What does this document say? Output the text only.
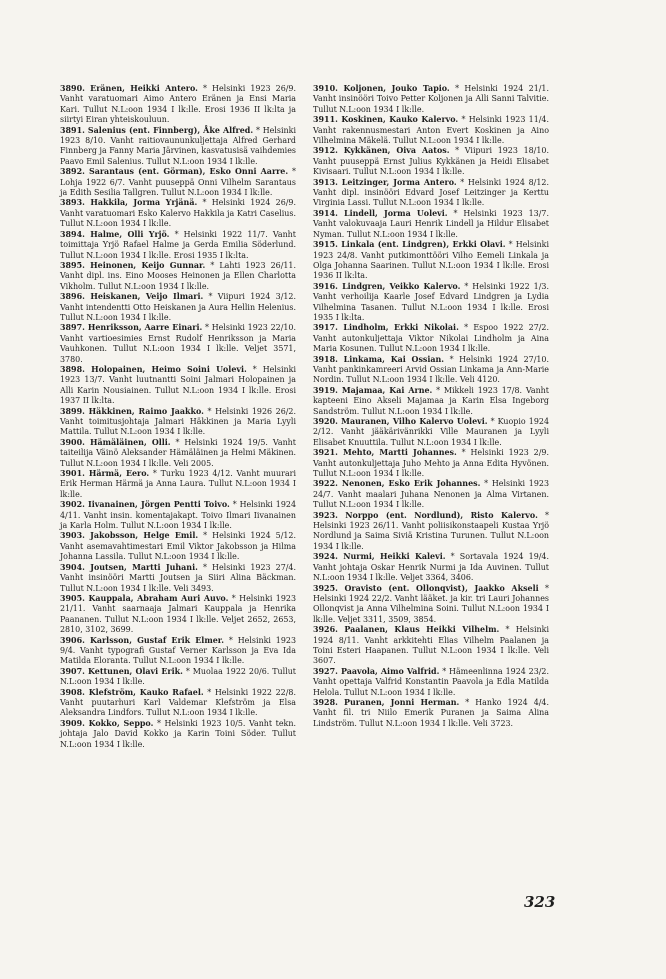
3890. Eränen, Heikki Antero. * Helsinki 1923 26/9. Vanht varatuomari Aimo Antero Eränen ja Ensi Maria Kari. Tullut N.L:oon 1934 I lk:lle. Erosi 1936 II lk:lta ja siirtyi Eiran yhteiskouluun.

3891. Salenius (ent. Finnberg), Åke Alfred. * Helsinki 1923 8/10. Vanht raitiovaununkuljettaja Alfred Gerhard Finnberg ja Fanny Maria Järvinen, kasvatusisä vaihdemies Paavo Emil Salenius. Tullut N.L:oon 1934 I lk:lle.

3892. Sarantaus (ent. Görman), Esko Onni Aarre. * Lohja 1922 6/7. Vanht puuseppä Onni Vilhelm Sarantaus ja Edith Sesilia Tallgren. Tullut N.L:oon 1934 I lk:lle.

3893. Hakkila, Jorma Yrjänä. * Helsinki 1924 26/9. Vanht varatuomari Esko Kalervo Hakkila ja Katri Caselius. Tullut N.L:oon 1934 I lk:lle.

3894. Halme, Olli Yrjö. * Helsinki 1922 11/7. Vanht toimittaja Yrjö Rafael Halme ja Gerda Emilia Söderlund. Tullut N.L:oon 1934 I lk:lle. Erosi 1935 I lk:lta.

3895. Heinonen, Keijo Gunnar. * Lahti 1923 26/11. Vanht dipl. ins. Eino Mooses Heinonen ja Ellen Charlotta Vikholm. Tullut N.L:oon 1934 I lk:lle.

3896. Heiskanen, Veijo Ilmari. * Viipuri 1924 3/12. Vanht intendentti Otto Heiskanen ja Aura Hellin Helenius. Tullut N.L:oon 1934 I lk:lle.

3897. Henriksson, Aarre Einari. * Helsinki 1923 22/10. Vanht vartioesimies Ernst Rudolf Henriksson ja Maria Vauhkonen. Tullut N.L:oon 1934 I lk:lle. Veljet 3571, 3780.

3898. Holopainen, Heimo Soini Uolevi. * Helsinki 1923 13/7. Vanht luutnantti Soini Jalmari Holopainen ja Alli Karin Nousiainen. Tullut N.L:oon 1934 I lk:lle. Erosi 1937 II lk:lta.

3899. Häkkinen, Raimo Jaakko. * Helsinki 1926 26/2. Vanht toimitusjohtaja Jalmari Häkkinen ja Maria Lyyli Mattila. Tullut N.L:oon 1934 I lk:lle.

3900. Hämäläinen, Olli. * Helsinki 1924 19/5. Vanht taiteilija Väinö Aleksander Hämäläinen ja Helmi Mäkinen. Tullut N.L:oon 1934 I lk:lle. Veli 2005.

3901. Härmä, Eero. * Turku 1923 4/12. Vanht muurari Erik Herman Härmä ja Anna Laura. Tullut N.L:oon 1934 I lk:lle.

3902. Iivanainen, Jörgen Pentti Toivo. * Helsinki 1924 4/11. Vanht insin. komentajakapt. Toivo Ilmari Iivanainen ja Karla Holm. Tullut N.L:oon 1934 I lk:lle.

3903. Jakobsson, Helge Emil. * Helsinki 1924 5/12. Vanht asemavahtimestari Emil Viktor Jakobsson ja Hilma Johanna Lassila. Tullut N.L:oon 1934 I lk:lle.

3904. Joutsen, Martti Juhani. * Helsinki 1923 27/4. Vanht insinööri Martti Joutsen ja Siiri Alina Bäckman. Tullut N.L:oon 1934 I lk:lle. Veli 3493.

3905. Kauppala, Abraham Auri Auvo. * Helsinki 1923 21/11. Vanht saarnaaja Jalmari Kauppala ja Henrika Paananen. Tullut N.L:oon 1934 I lk:lle. Veljet 2652, 2653, 2810, 3102, 3699.

3906. Karlsson, Gustaf Erik Elmer. * Helsinki 1923 9/4. Vanht typografi Gustaf Verner Karlsson ja Eva Ida Matilda Eloranta. Tullut N.L:oon 1934 I lk:lle.

3907. Kettunen, Olavi Erik. * Muolaa 1922 20/6. Tullut N.L:oon 1934 I lk:lle.

3908. Klefström, Kauko Rafael. * Helsinki 1922 22/8. Vanht puutarhuri Karl Valdemar Klefström ja Elsa Aleksandra Lindfors. Tullut N.L:oon 1934 I lk:lle.

3909. Kokko, Seppo. * Helsinki 1923 10/5. Vanht tekn. johtaja Jalo David Kokko ja Karin Toini Söder. Tullut N.L:oon 1934 I lk:lle.

3910. Koljonen, Jouko Tapio. * Helsinki 1924 21/1. Vanht insinööri Toivo Petter Koljonen ja Alli Sanni Talvitie. Tullut N.L:oon 1934 I lk:lle.

3911. Koskinen, Kauko Kalervo. * Helsinki 1923 11/4. Vanht rakennusmestari Anton Evert Koskinen ja Aino Vilhelmina Mäkelä. Tullut N.L:oon 1934 I lk:lle.

3912. Kykkänen, Oiva Aatos. * Viipuri 1923 18/10. Vanht puuseppä Ernst Julius Kykkänen ja Heidi Elisabet Kivisaari. Tullut N.L:oon 1934 I lk:lle.

3913. Leitzinger, Jorma Antero. * Helsinki 1924 8/12. Vanht dipl. insinööri Edvard Josef Leitzinger ja Kerttu Virginia Lassi. Tullut N.L:oon 1934 I lk:lle.

3914. Lindell, Jorma Uolevi. * Helsinki 1923 13/7. Vanht valokuvaaja Lauri Henrik Lindell ja Hildur Elisabet Nyman. Tullut N.L:oon 1934 I lk:lle.

3915. Linkala (ent. Lindgren), Erkki Olavi. * Helsinki 1923 24/8. Vanht putkimonttööri Vilho Eemeli Linkala ja Olga Johanna Saarinen. Tullut N.L:oon 1934 I lk:lle. Erosi 1936 II lk:lta.

3916. Lindgren, Veikko Kalervo. * Helsinki 1922 1/3. Vanht verhoilija Kaarle Josef Edvard Lindgren ja Lydia Vilhelmina Tasanen. Tullut N.L:oon 1934 I lk:lle. Erosi 1935 I lk:lta.

3917. Lindholm, Erkki Nikolai. * Espoo 1922 27/2. Vanht autonkuljettaja Viktor Nikolai Lindholm ja Aina Maria Kosunen. Tullut N.L:oon 1934 I lk:lle.

3918. Linkama, Kai Ossian. * Helsinki 1924 27/10. Vanht pankinkamreeri Arvid Ossian Linkama ja Ann-Marie Nordin. Tullut N.L:oon 1934 I lk:lle. Veli 4120.

3919. Majamaa, Kai Arne. * Mikkeli 1923 17/8. Vanht kapteeni Eino Akseli Majamaa ja Karin Elsa Ingeborg Sandström. Tullut N.L:oon 1934 I lk:lle.

3920. Mauranen, Vilho Kalervo Uolevi. * Kuopio 1924 2/12. Vanht jääkärivänrikki Ville Mauranen ja Lyyli Elisabet Knuuttila. Tullut N.L:oon 1934 I lk:lle.

3921. Mehto, Martti Johannes. * Helsinki 1923 2/9. Vanht autonkuljettaja Juho Mehto ja Anna Edita Hyvönen. Tullut N.L:oon 1934 I lk:lle.

3922. Nenonen, Esko Erik Johannes. * Helsinki 1923 24/7. Vanht maalari Juhana Nenonen ja Alma Virtanen. Tullut N.L:oon 1934 I lk:lle.

3923. Norppo (ent. Nordlund), Risto Kalervo. * Helsinki 1923 26/11. Vanht poliisikonstaapeli Kustaa Yrjö Nordlund ja Saima Siviä Kristina Turunen. Tullut N.L:oon 1934 I lk:lle.

3924. Nurmi, Heikki Kalevi. * Sortavala 1924 19/4. Vanht johtaja Oskar Henrik Nurmi ja Ida Auvinen. Tullut N.L:oon 1934 I lk:lle. Veljet 3364, 3406.

3925. Oravisto (ent. Ollonqvist), Jaakko Akseli * Helsinki 1924 22/2. Vanht lääket. ja kir. tri Lauri Johannes Ollonqvist ja Anna Vilhelmina Soini. Tullut N.L:oon 1934 I lk:lle. Veljet 3311, 3509, 3854.

3926. Paalanen, Klaus Heikki Vilhelm. * Helsinki 1924 8/11. Vanht arkkitehti Elias Vilhelm Paalanen ja Toini Esteri Haapanen. Tullut N.L:oon 1934 I lk:lle. Veli 3607.

3927. Paavola, Aimo Valfrid. * Hämeenlinna 1924 23/2. Vanht opettaja Valfrid Konstantin Paavola ja Edla Matilda Helola. Tullut N.L:oon 1934 I lk:lle.

3928. Puranen, Jonni Herman. * Hanko 1924 4/4. Vanht fil. tri Niilo Emerik Puranen ja Saima Alina Lindström. Tullut N.L:oon 1934 I lk:lle. Veli 3723.

323
